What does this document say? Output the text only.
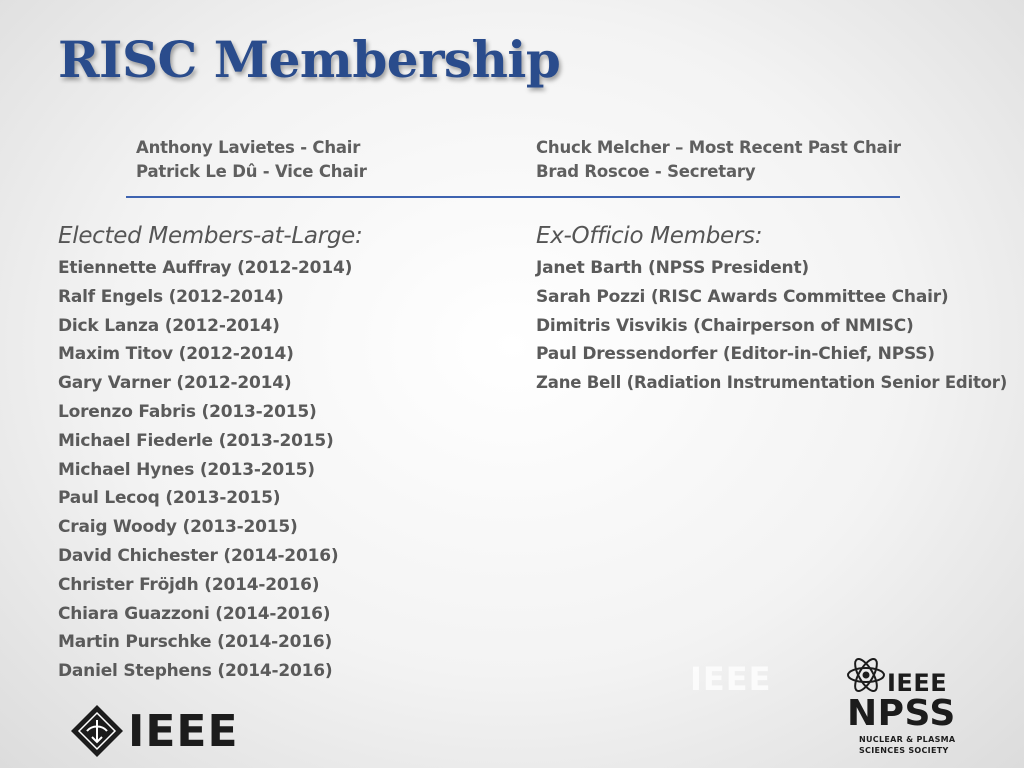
RISC Membership
Anthony Lavietes - Chair
Patrick Le Dû - Vice Chair
Chuck Melcher – Most Recent Past Chair
Brad Roscoe - Secretary
Elected Members-at-Large:
Etiennette Auffray (2012-2014)
Ralf Engels (2012-2014)
Dick Lanza (2012-2014)
Maxim Titov (2012-2014)
Gary Varner (2012-2014)
Lorenzo Fabris (2013-2015)
Michael Fiederle (2013-2015)
Michael Hynes (2013-2015)
Paul Lecoq (2013-2015)
Craig Woody (2013-2015)
David Chichester (2014-2016)
Christer Fröjdh (2014-2016)
Chiara Guazzoni (2014-2016)
Martin Purschke (2014-2016)
Daniel Stephens (2014-2016)
Ex-Officio Members:
Janet Barth (NPSS President)
Sarah Pozzi (RISC Awards Committee Chair)
Dimitris Visvikis (Chairperson of NMISC)
Paul Dressendorfer (Editor-in-Chief, NPSS)
Zane Bell (Radiation Instrumentation Senior Editor)
IEEE
IEEE
IEEE
NPSS
NUCLEAR & PLASMA
SCIENCES SOCIETY
